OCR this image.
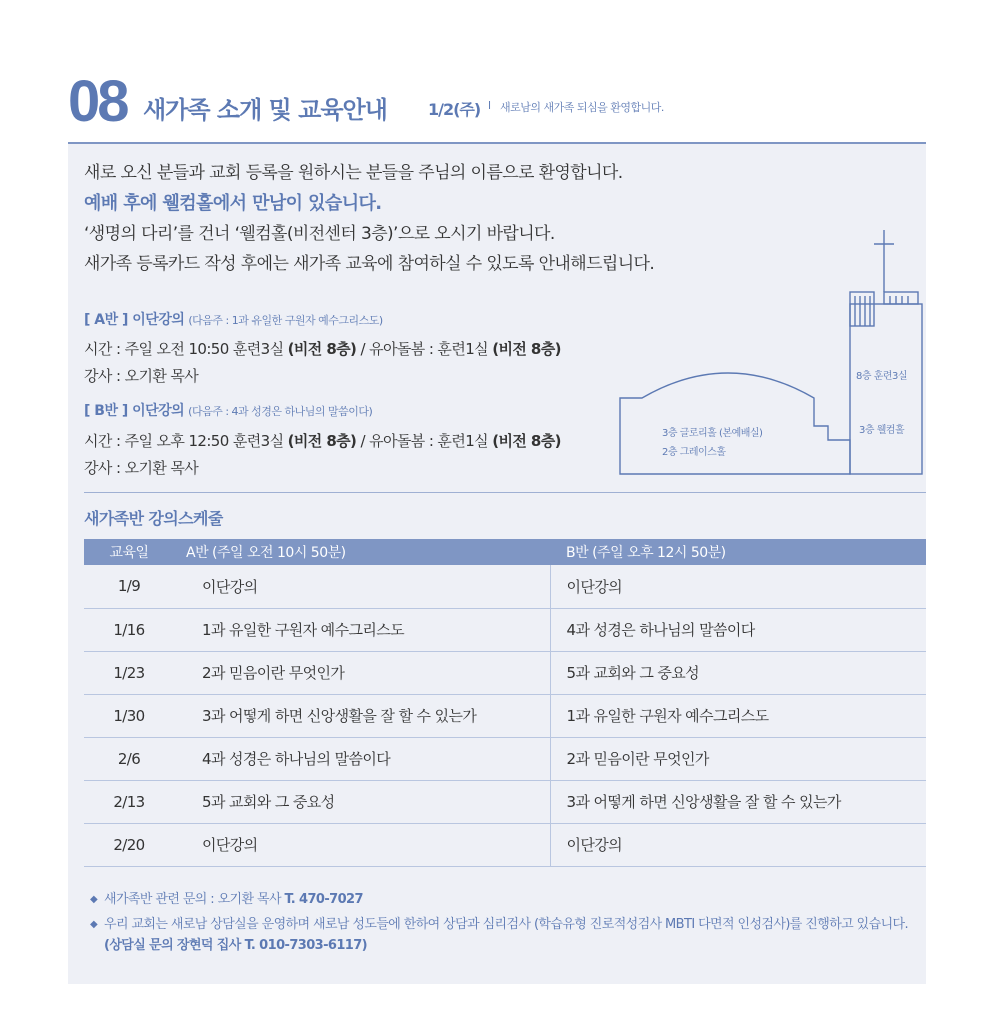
08 새가족 소개 및 교육안내	1/2(주) l 새로남의 새가족 되심을 환영합니다.

새로 오신 분들과 교회 등록을 원하시는 분들을 주님의 이름으로 환영합니다.

예배 후에 웰컴홀에서 만남이 있습니다.

‘생명의 다리’를 건너 ‘웰컴홀(비전센터 3층)’으로 오시기 바랍니다.

새가족 등록카드 작성 후에는 새가족 교육에 참여하실 수 있도록 안내해드립니다.

[ A반 ] 이단강의 (다음주 : 1과 유일한 구원자 예수그리스도)
시간 : 주일 오전 10:50 훈련3실 (비전 8층) / 유아돌봄 : 훈련1실 (비전 8층)
강사 : 오기환 목사
[ B반 ] 이단강의 (다음주 : 4과 성경은 하나님의 말씀이다)
시간 : 주일 오후 12:50 훈련3실 (비전 8층) / 유아돌봄 : 훈련1실 (비전 8층)
강사 : 오기환 목사
8층 훈련3실
3층 웰컴홀
3층 글로리홀 (본예배실)
2층 그레이스홀
새가족반 강의스케줄
교육일	A반 (주일 오전 10시 50분)	B반 (주일 오후 12시 50분)
1/9	이단강의	이단강의
1/16	1과 유일한 구원자 예수그리스도	4과 성경은 하나님의 말씀이다
1/23	2과 믿음이란 무엇인가	5과 교회와 그 중요성
1/30	3과 어떻게 하면 신앙생활을 잘 할 수 있는가	1과 유일한 구원자 예수그리스도
2/6	4과 성경은 하나님의 말씀이다	2과 믿음이란 무엇인가
2/13	5과 교회와 그 중요성	3과 어떻게 하면 신앙생활을 잘 할 수 있는가
2/20	이단강의	이단강의
◆ 새가족반 관련 문의 : 오기환 목사 T. 470-7027
◆ 우리 교회는 새로남 상담실을 운영하며 새로남 성도들에 한하여 상담과 심리검사 (학습유형 진로적성검사 MBTI 다면적 인성검사)를 진행하고 있습니다. (상담실 문의 장현덕 집사 T. 010-7303-6117)
